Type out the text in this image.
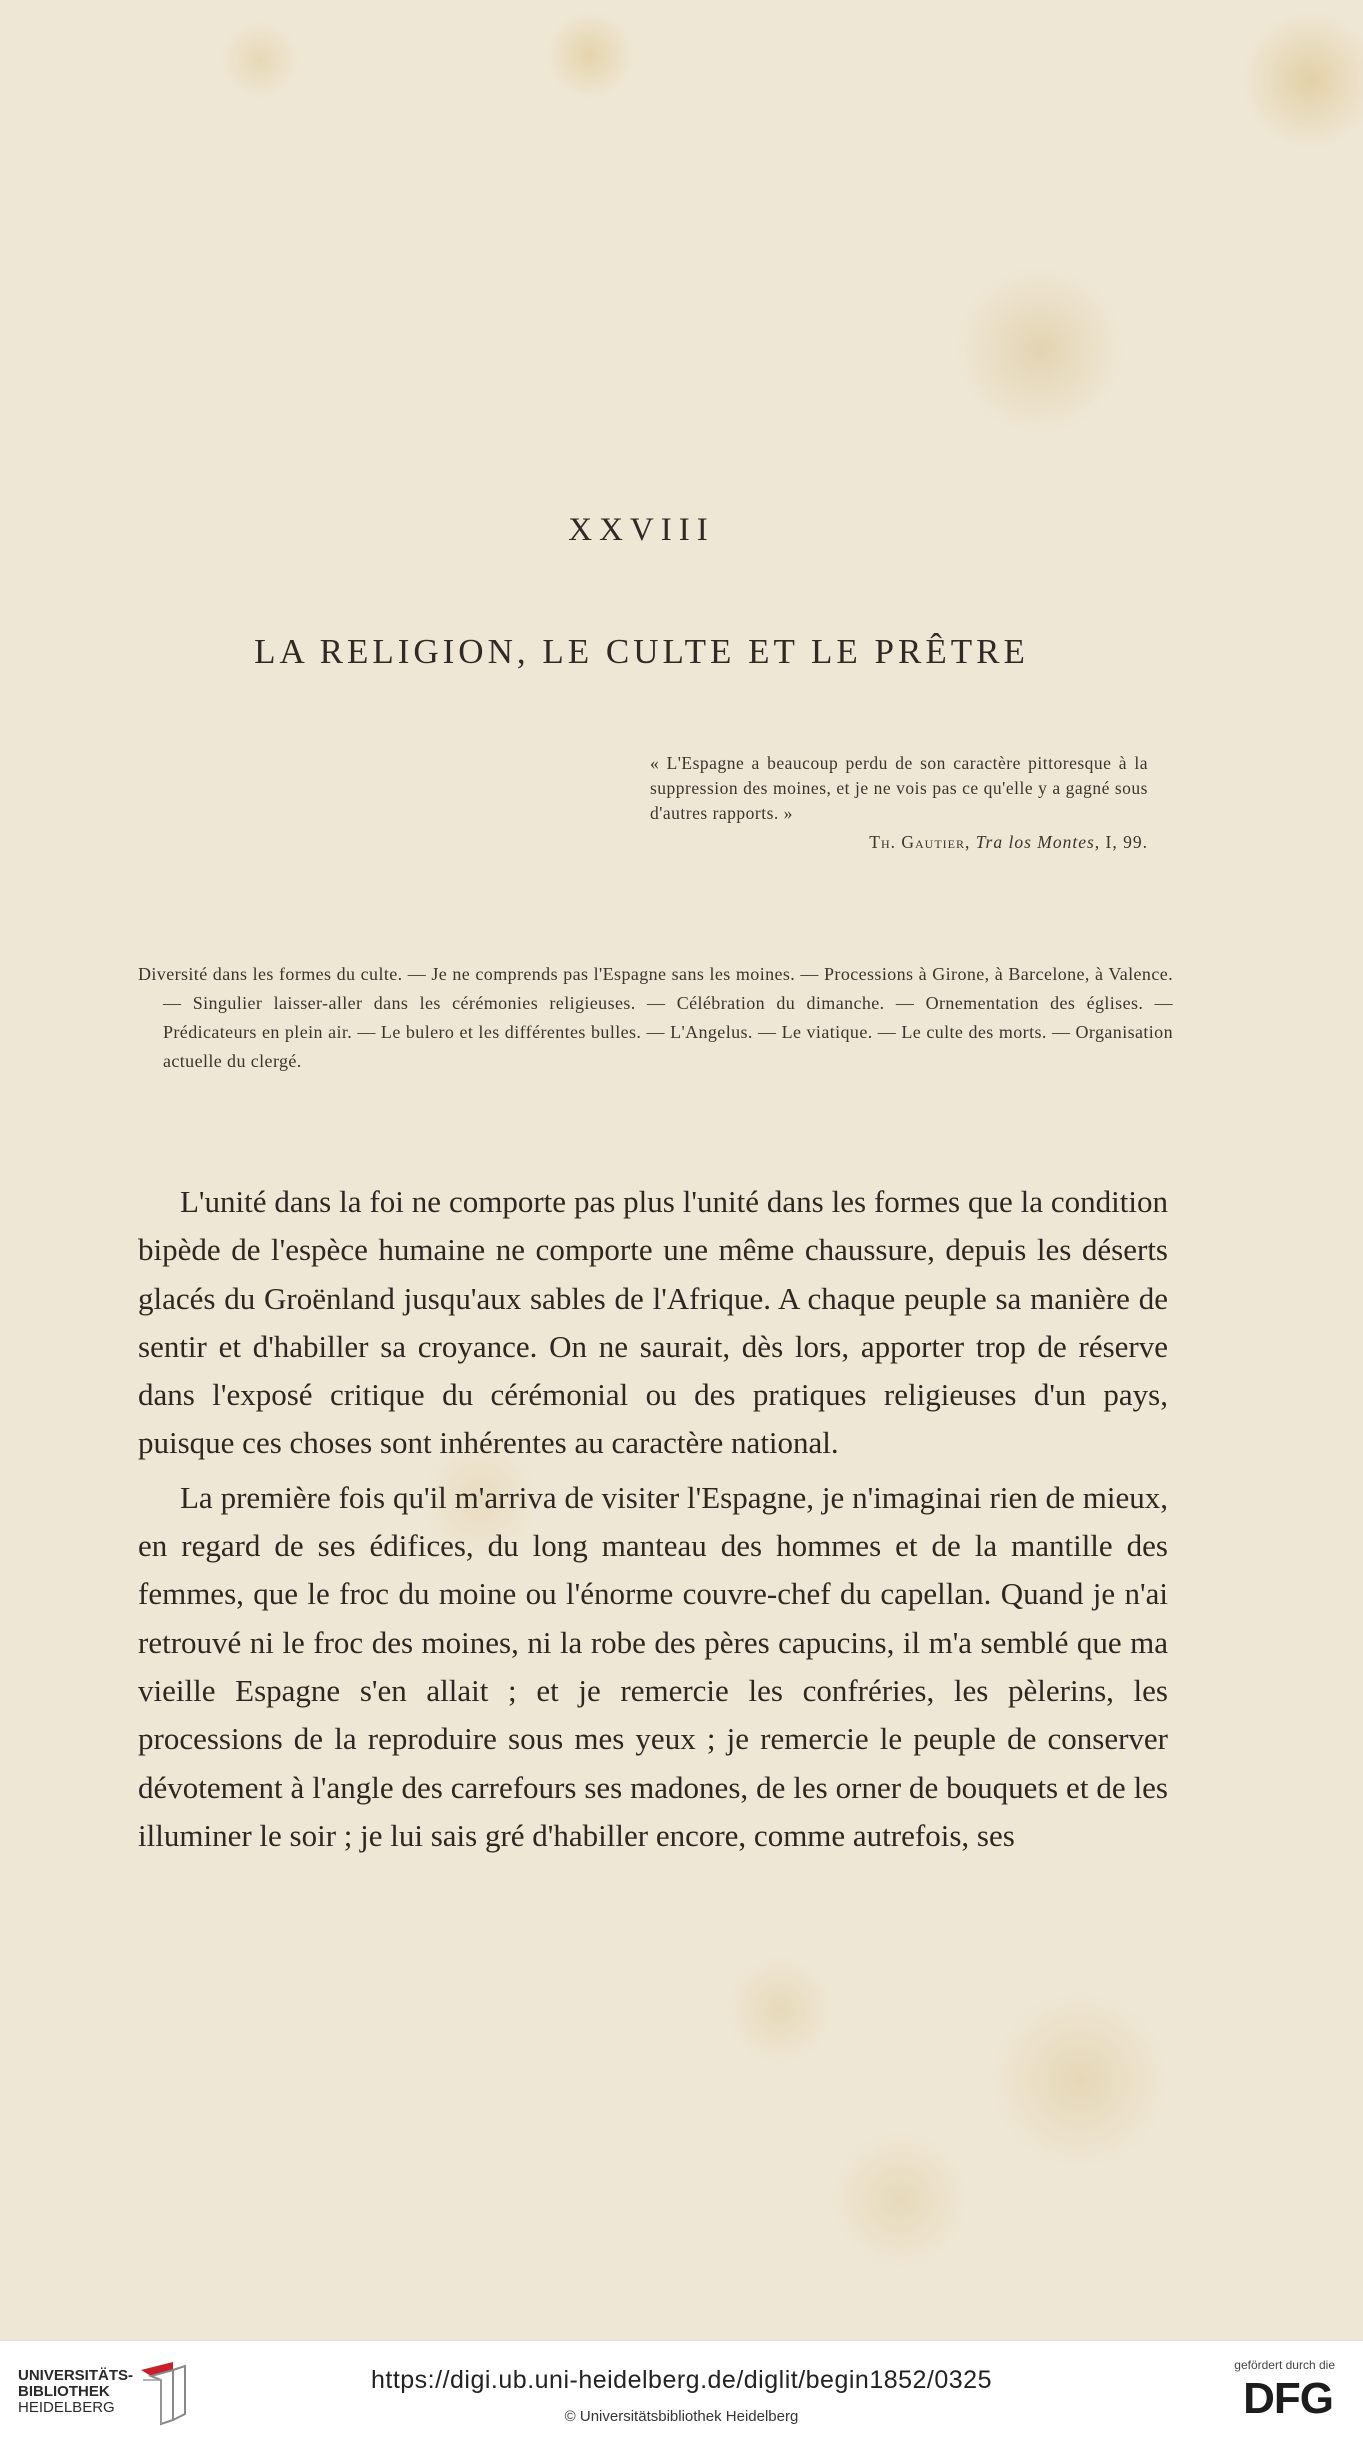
XXVIII
LA RELIGION, LE CULTE ET LE PRÊTRE
« L'Espagne a beaucoup perdu de son caractère pittoresque à la suppression des moines, et je ne vois pas ce qu'elle y a gagné sous d'autres rapports. »
Th. Gautier, Tra los Montes, I, 99.

Diversité dans les formes du culte. — Je ne comprends pas l'Espagne sans les moines. — Processions à Girone, à Barcelone, à Valence. — Singulier laisser-aller dans les cérémonies religieuses. — Célébration du dimanche. — Ornementation des églises. — Prédicateurs en plein air. — Le bulero et les différentes bulles. — L'Angelus. — Le viatique. — Le culte des morts. — Organisation actuelle du clergé.

L'unité dans la foi ne comporte pas plus l'unité dans les formes que la condition bipède de l'espèce humaine ne comporte une même chaussure, depuis les déserts glacés du Groënland jusqu'aux sables de l'Afrique. A chaque peuple sa manière de sentir et d'habiller sa croyance. On ne saurait, dès lors, apporter trop de réserve dans l'exposé critique du cérémonial ou des pratiques religieuses d'un pays, puisque ces choses sont inhérentes au caractère national.

La première fois qu'il m'arriva de visiter l'Espagne, je n'imaginai rien de mieux, en regard de ses édifices, du long manteau des hommes et de la mantille des femmes, que le froc du moine ou l'énorme couvre-chef du capellan. Quand je n'ai retrouvé ni le froc des moines, ni la robe des pères capucins, il m'a semblé que ma vieille Espagne s'en allait ; et je remercie les confréries, les pèlerins, les processions de la reproduire sous mes yeux ; je remercie le peuple de conserver dévotement à l'angle des carrefours ses madones, de les orner de bouquets et de les illuminer le soir ; je lui sais gré d'habiller encore, comme autrefois, ses

UNIVERSITÄTS-
BIBLIOTHEK
HEIDELBERG
https://digi.ub.uni-heidelberg.de/diglit/begin1852/0325
© Universitätsbibliothek Heidelberg
gefördert durch die
DFG
